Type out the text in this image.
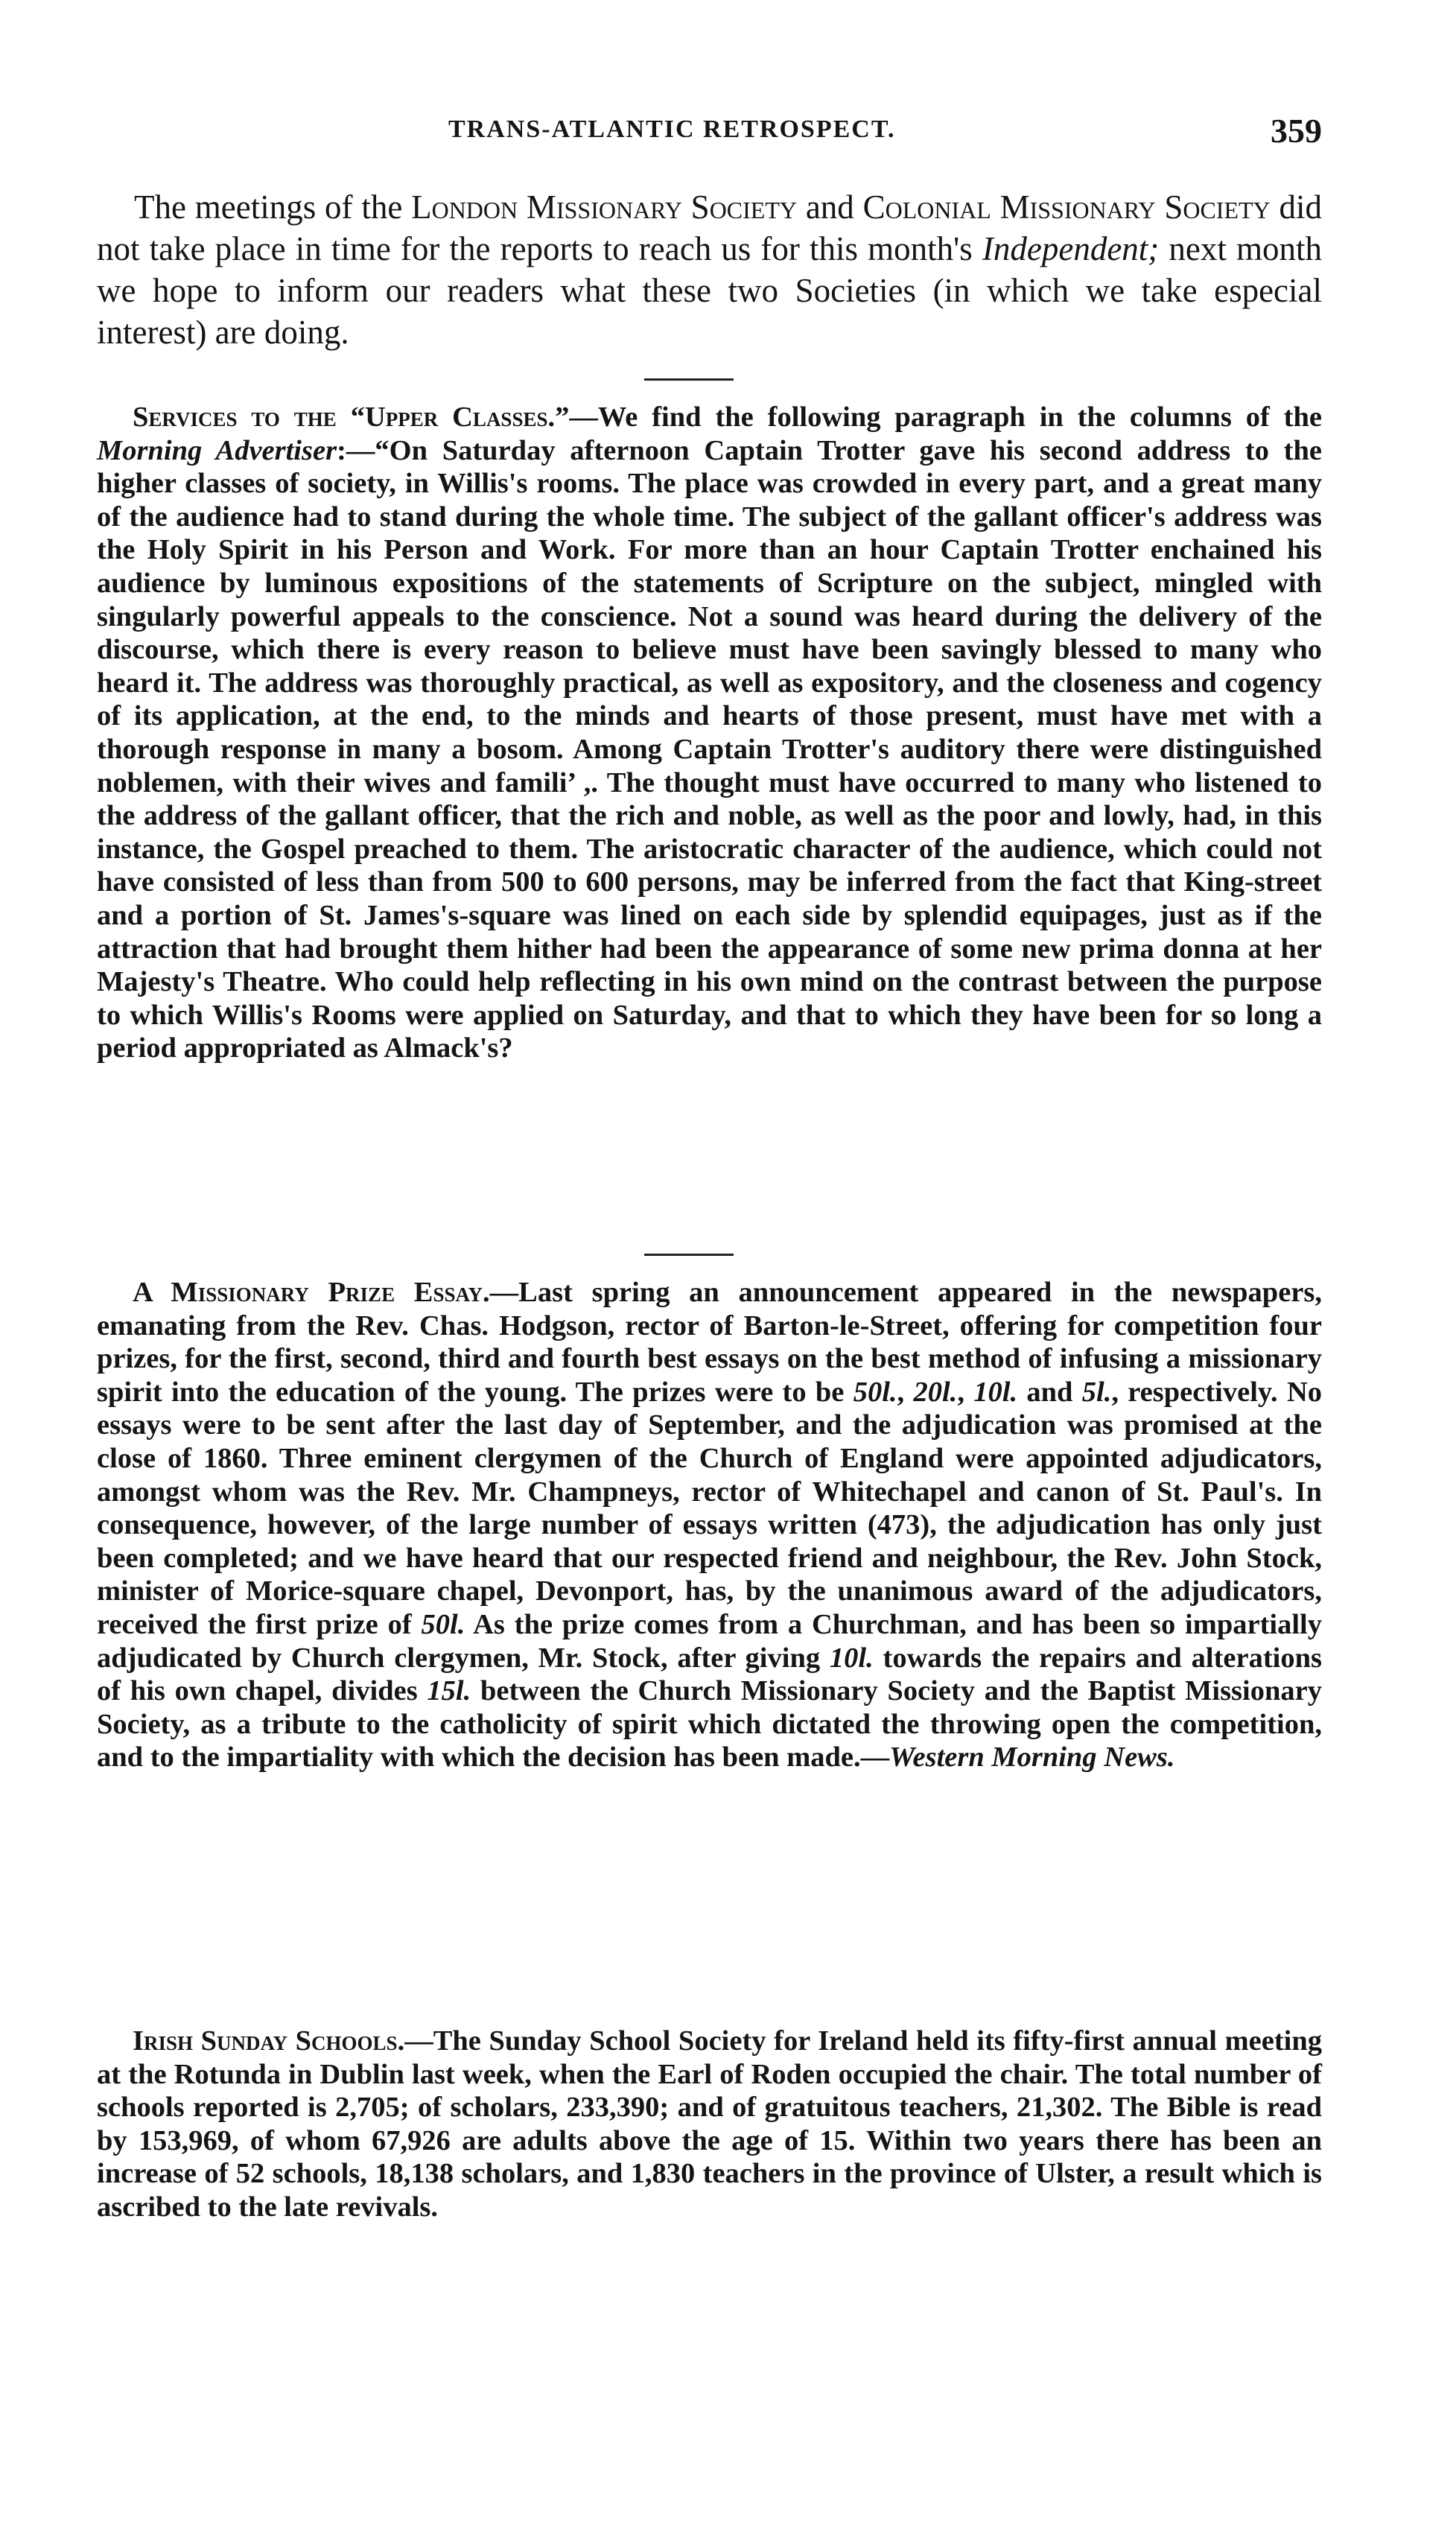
TRANS-ATLANTIC RETROSPECT.	359

The meetings of the London Missionary Society and Colonial Missionary Society did not take place in time for the reports to reach us for this month's Independent; next month we hope to inform our readers what these two Societies (in which we take especial interest) are doing.

Services to the “Upper Classes.”—We find the following paragraph in the columns of the Morning Advertiser:—“On Saturday afternoon Captain Trotter gave his second address to the higher classes of society, in Willis's rooms. The place was crowded in every part, and a great many of the audience had to stand during the whole time. The subject of the gallant officer's address was the Holy Spirit in his Person and Work. For more than an hour Captain Trotter enchained his audience by luminous expositions of the statements of Scripture on the subject, mingled with singularly powerful appeals to the conscience. Not a sound was heard during the delivery of the discourse, which there is every reason to believe must have been savingly blessed to many who heard it. The address was thoroughly practical, as well as expository, and the closeness and cogency of its application, at the end, to the minds and hearts of those present, must have met with a thorough response in many a bosom. Among Captain Trotter's auditory there were distinguished noblemen, with their wives and famili’ ,. The thought must have occurred to many who listened to the address of the gallant officer, that the rich and noble, as well as the poor and lowly, had, in this instance, the Gospel preached to them. The aristocratic character of the audience, which could not have consisted of less than from 500 to 600 persons, may be inferred from the fact that King-street and a portion of St. James's-square was lined on each side by splendid equipages, just as if the attraction that had brought them hither had been the appearance of some new prima donna at her Majesty's Theatre. Who could help reflecting in his own mind on the contrast between the purpose to which Willis's Rooms were applied on Saturday, and that to which they have been for so long a period appropriated as Almack's?

A Missionary Prize Essay.—Last spring an announcement appeared in the newspapers, emanating from the Rev. Chas. Hodgson, rector of Barton-le-Street, offering for competition four prizes, for the first, second, third and fourth best essays on the best method of infusing a missionary spirit into the education of the young. The prizes were to be 50l., 20l., 10l. and 5l., respectively. No essays were to be sent after the last day of September, and the adjudication was promised at the close of 1860. Three eminent clergymen of the Church of England were appointed adjudicators, amongst whom was the Rev. Mr. Champneys, rector of Whitechapel and canon of St. Paul's. In consequence, however, of the large number of essays written (473), the adjudication has only just been completed; and we have heard that our respected friend and neighbour, the Rev. John Stock, minister of Morice-square chapel, Devonport, has, by the unanimous award of the adjudicators, received the first prize of 50l. As the prize comes from a Churchman, and has been so impartially adjudicated by Church clergymen, Mr. Stock, after giving 10l. towards the repairs and alterations of his own chapel, divides 15l. between the Church Missionary Society and the Baptist Missionary Society, as a tribute to the catholicity of spirit which dictated the throwing open the competition, and to the impartiality with which the decision has been made.—Western Morning News.

Irish Sunday Schools.—The Sunday School Society for Ireland held its fifty-first annual meeting at the Rotunda in Dublin last week, when the Earl of Roden occupied the chair. The total number of schools reported is 2,705; of scholars, 233,390; and of gratuitous teachers, 21,302. The Bible is read by 153,969, of whom 67,926 are adults above the age of 15. Within two years there has been an increase of 52 schools, 18,138 scholars, and 1,830 teachers in the province of Ulster, a result which is ascribed to the late revivals.
